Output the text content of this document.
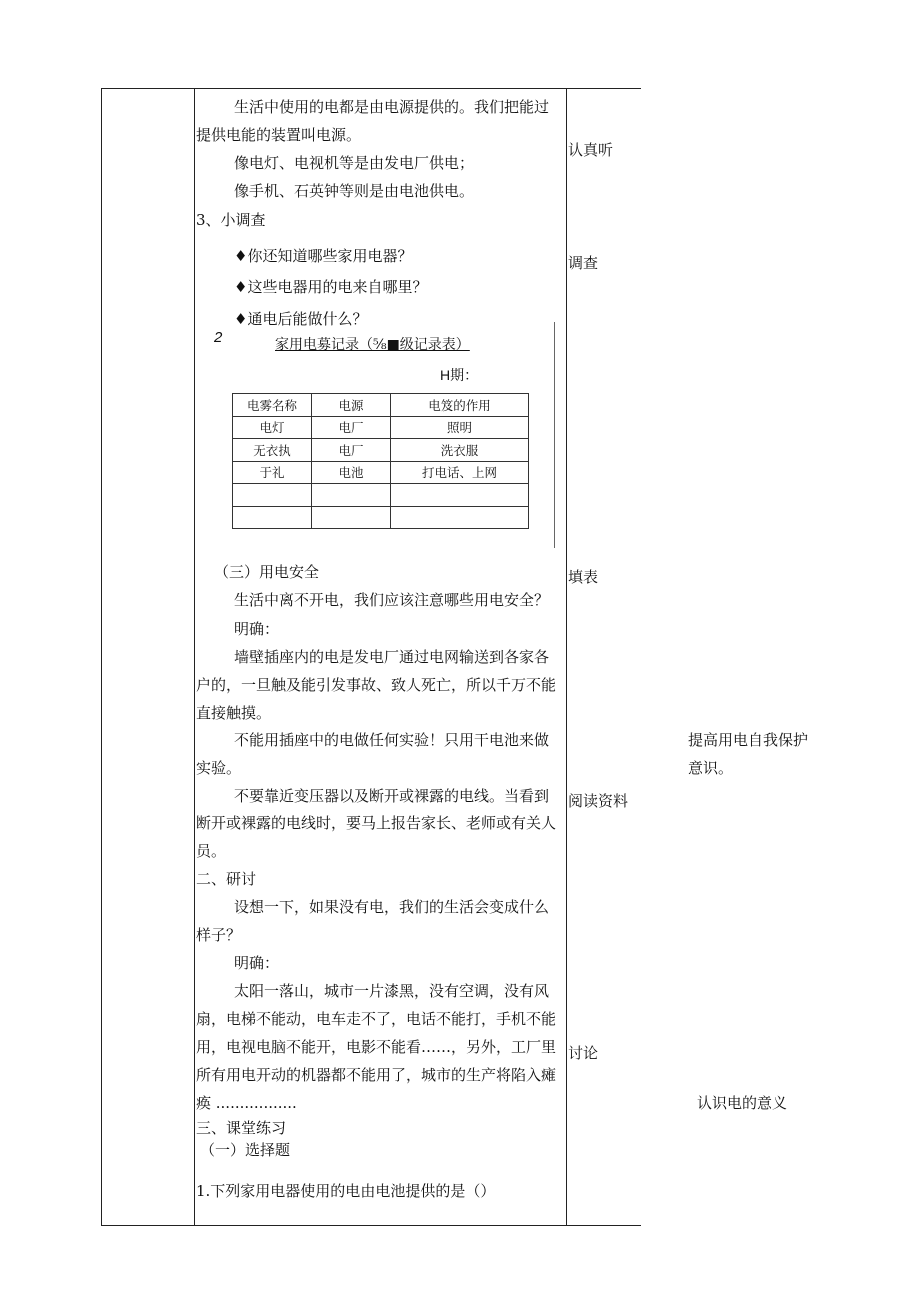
生活中使用的电都是由电源提供的。我们把能过
提供电能的装置叫电源。
像电灯、电视机等是由发电厂供电；
像手机、石英钟等则是由电池供电。
3、小调查
♦你还知道哪些家用电器？
♦这些电器用的电来自哪里？
♦通电后能做什么？
2	家用电募记录（⅝■级记录表）
H期：
电雾名称	电源	电笈的作用
电灯	电厂	照明
无衣执	电厂	洗衣服
于礼	电池	打电话、上网

（三）用电安全
生活中离不开电，我们应该注意哪些用电安全？
明确：
墙壁插座内的电是发电厂通过电网输送到各家各
户的，一旦触及能引发事故、致人死亡，所以千万不能
直接触摸。
不能用插座中的电做任何实验！只用干电池来做
实验。
不要靠近变压器以及断开或裸露的电线。当看到
断开或裸露的电线时，要马上报告家长、老师或有关人
员。
二、研讨
设想一下，如果没有电，我们的生活会变成什么
样子？
明确：
太阳一落山，城市一片漆黑，没有空调，没有风
扇，电梯不能动，电车走不了，电话不能打，手机不能
用，电视电脑不能开，电影不能看……，另外，工厂里
所有用电开动的机器都不能用了，城市的生产将陷入瘫
痪 .................
三、课堂练习
（一）选择题
1.下列家用电器使用的电由电池提供的是（）
认真听
调查
填表
阅读资料
讨论
提高用电自我保护
意识。
认识电的意义
